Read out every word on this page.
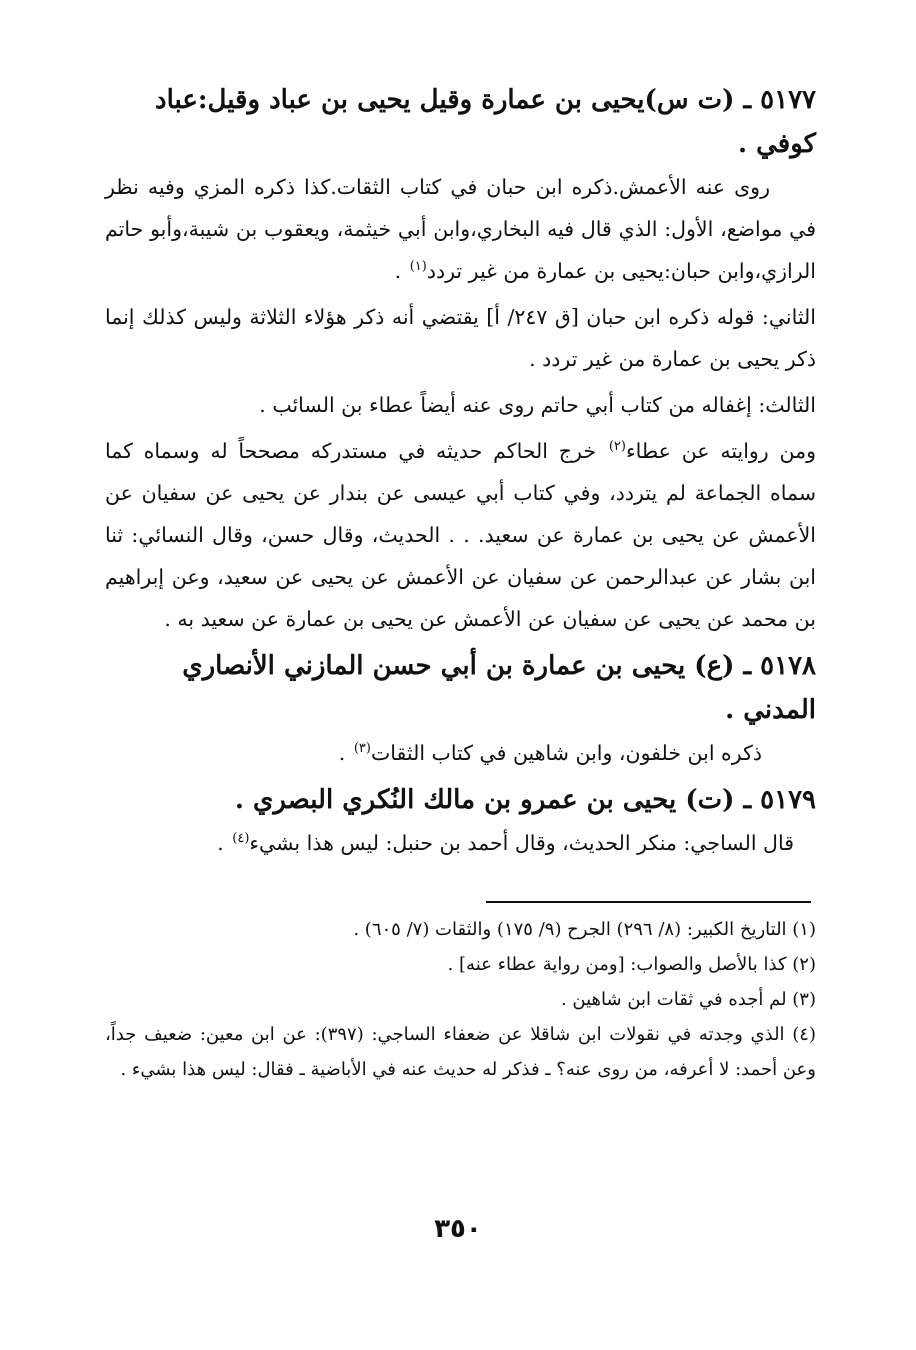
٥١٧٧ ـ (ت س)يحيى بن عمارة وقيل يحيى بن عباد وقيل:عباد كوفي .

روى عنه الأعمش.ذكره ابن حبان في كتاب الثقات.كذا ذكره المزي وفيه نظر في مواضع، الأول: الذي قال فيه البخاري،وابن أبي خيثمة، ويعقوب بن شيبة،وأبو حاتم الرازي،وابن حبان:يحيى بن عمارة من غير تردد$^{(١)}$ .

الثاني: قوله ذكره ابن حبان [ق ٢٤٧/ أ] يقتضي أنه ذكر هؤلاء الثلاثة وليس كذلك إنما ذكر يحيى بن عمارة من غير تردد .

الثالث: إغفاله من كتاب أبي حاتم روى عنه أيضاً عطاء بن السائب .

ومن روايته عن عطاء$^{(٢)}$ خرج الحاكم حديثه في مستدركه مصححاً له وسماه كما سماه الجماعة لم يتردد، وفي كتاب أبي عيسى عن بندار عن يحيى عن سفيان عن الأعمش عن يحيى بن عمارة عن سعيد. . . الحديث، وقال حسن، وقال النسائي: ثنا ابن بشار عن عبدالرحمن عن سفيان عن الأعمش عن يحيى عن سعيد، وعن إبراهيم بن محمد عن يحيى عن سفيان عن الأعمش عن يحيى بن عمارة عن سعيد به .

٥١٧٨ ـ (ع) يحيى بن عمارة بن أبي حسن المازني الأنصاري المدني .

ذكره ابن خلفون، وابن شاهين في كتاب الثقات$^{(٣)}$ .

٥١٧٩ ـ (ت) يحيى بن عمرو بن مالك النُكري البصري .

قال الساجي: منكر الحديث، وقال أحمد بن حنبل: ليس هذا بشيء$^{(٤)}$ .

(١) التاريخ الكبير: (٨/ ٢٩٦) الجرح (٩/ ١٧٥) والثقات (٧/ ٦٠٥) .

(٢) كذا بالأصل والصواب: [ومن رواية عطاء عنه] .

(٣) لم أجده في ثقات ابن شاهين .

(٤) الذي وجدته في نقولات ابن شاقلا عن ضعفاء الساجي: (٣٩٧): عن ابن معين: ضعيف جداً، وعن أحمد: لا أعرفه، من روى عنه؟ ـ فذكر له حديث عنه في الأباضية ـ فقال: ليس هذا بشيء .

٣٥٠
